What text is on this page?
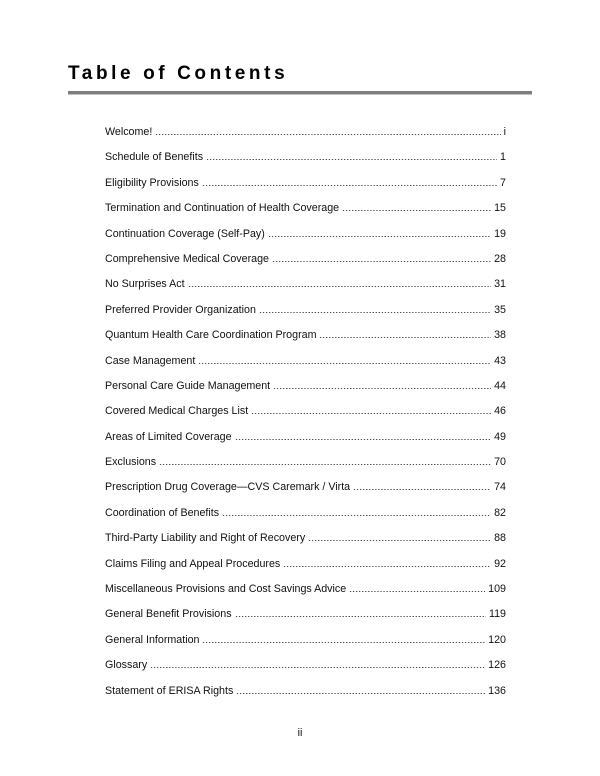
Table of Contents
Welcome!	i
Schedule of Benefits	1
Eligibility Provisions	7
Termination and Continuation of Health Coverage	15
Continuation Coverage (Self-Pay)	19
Comprehensive Medical Coverage	28
No Surprises Act	31
Preferred Provider Organization	35
Quantum Health Care Coordination Program	38
Case Management	43
Personal Care Guide Management	44
Covered Medical Charges List	46
Areas of Limited Coverage	49
Exclusions	70
Prescription Drug Coverage—CVS Caremark / Virta	74
Coordination of Benefits	82
Third-Party Liability and Right of Recovery	88
Claims Filing and Appeal Procedures	92
Miscellaneous Provisions and Cost Savings Advice	109
General Benefit Provisions	119
General Information	120
Glossary	126
Statement of ERISA Rights	136
ii
